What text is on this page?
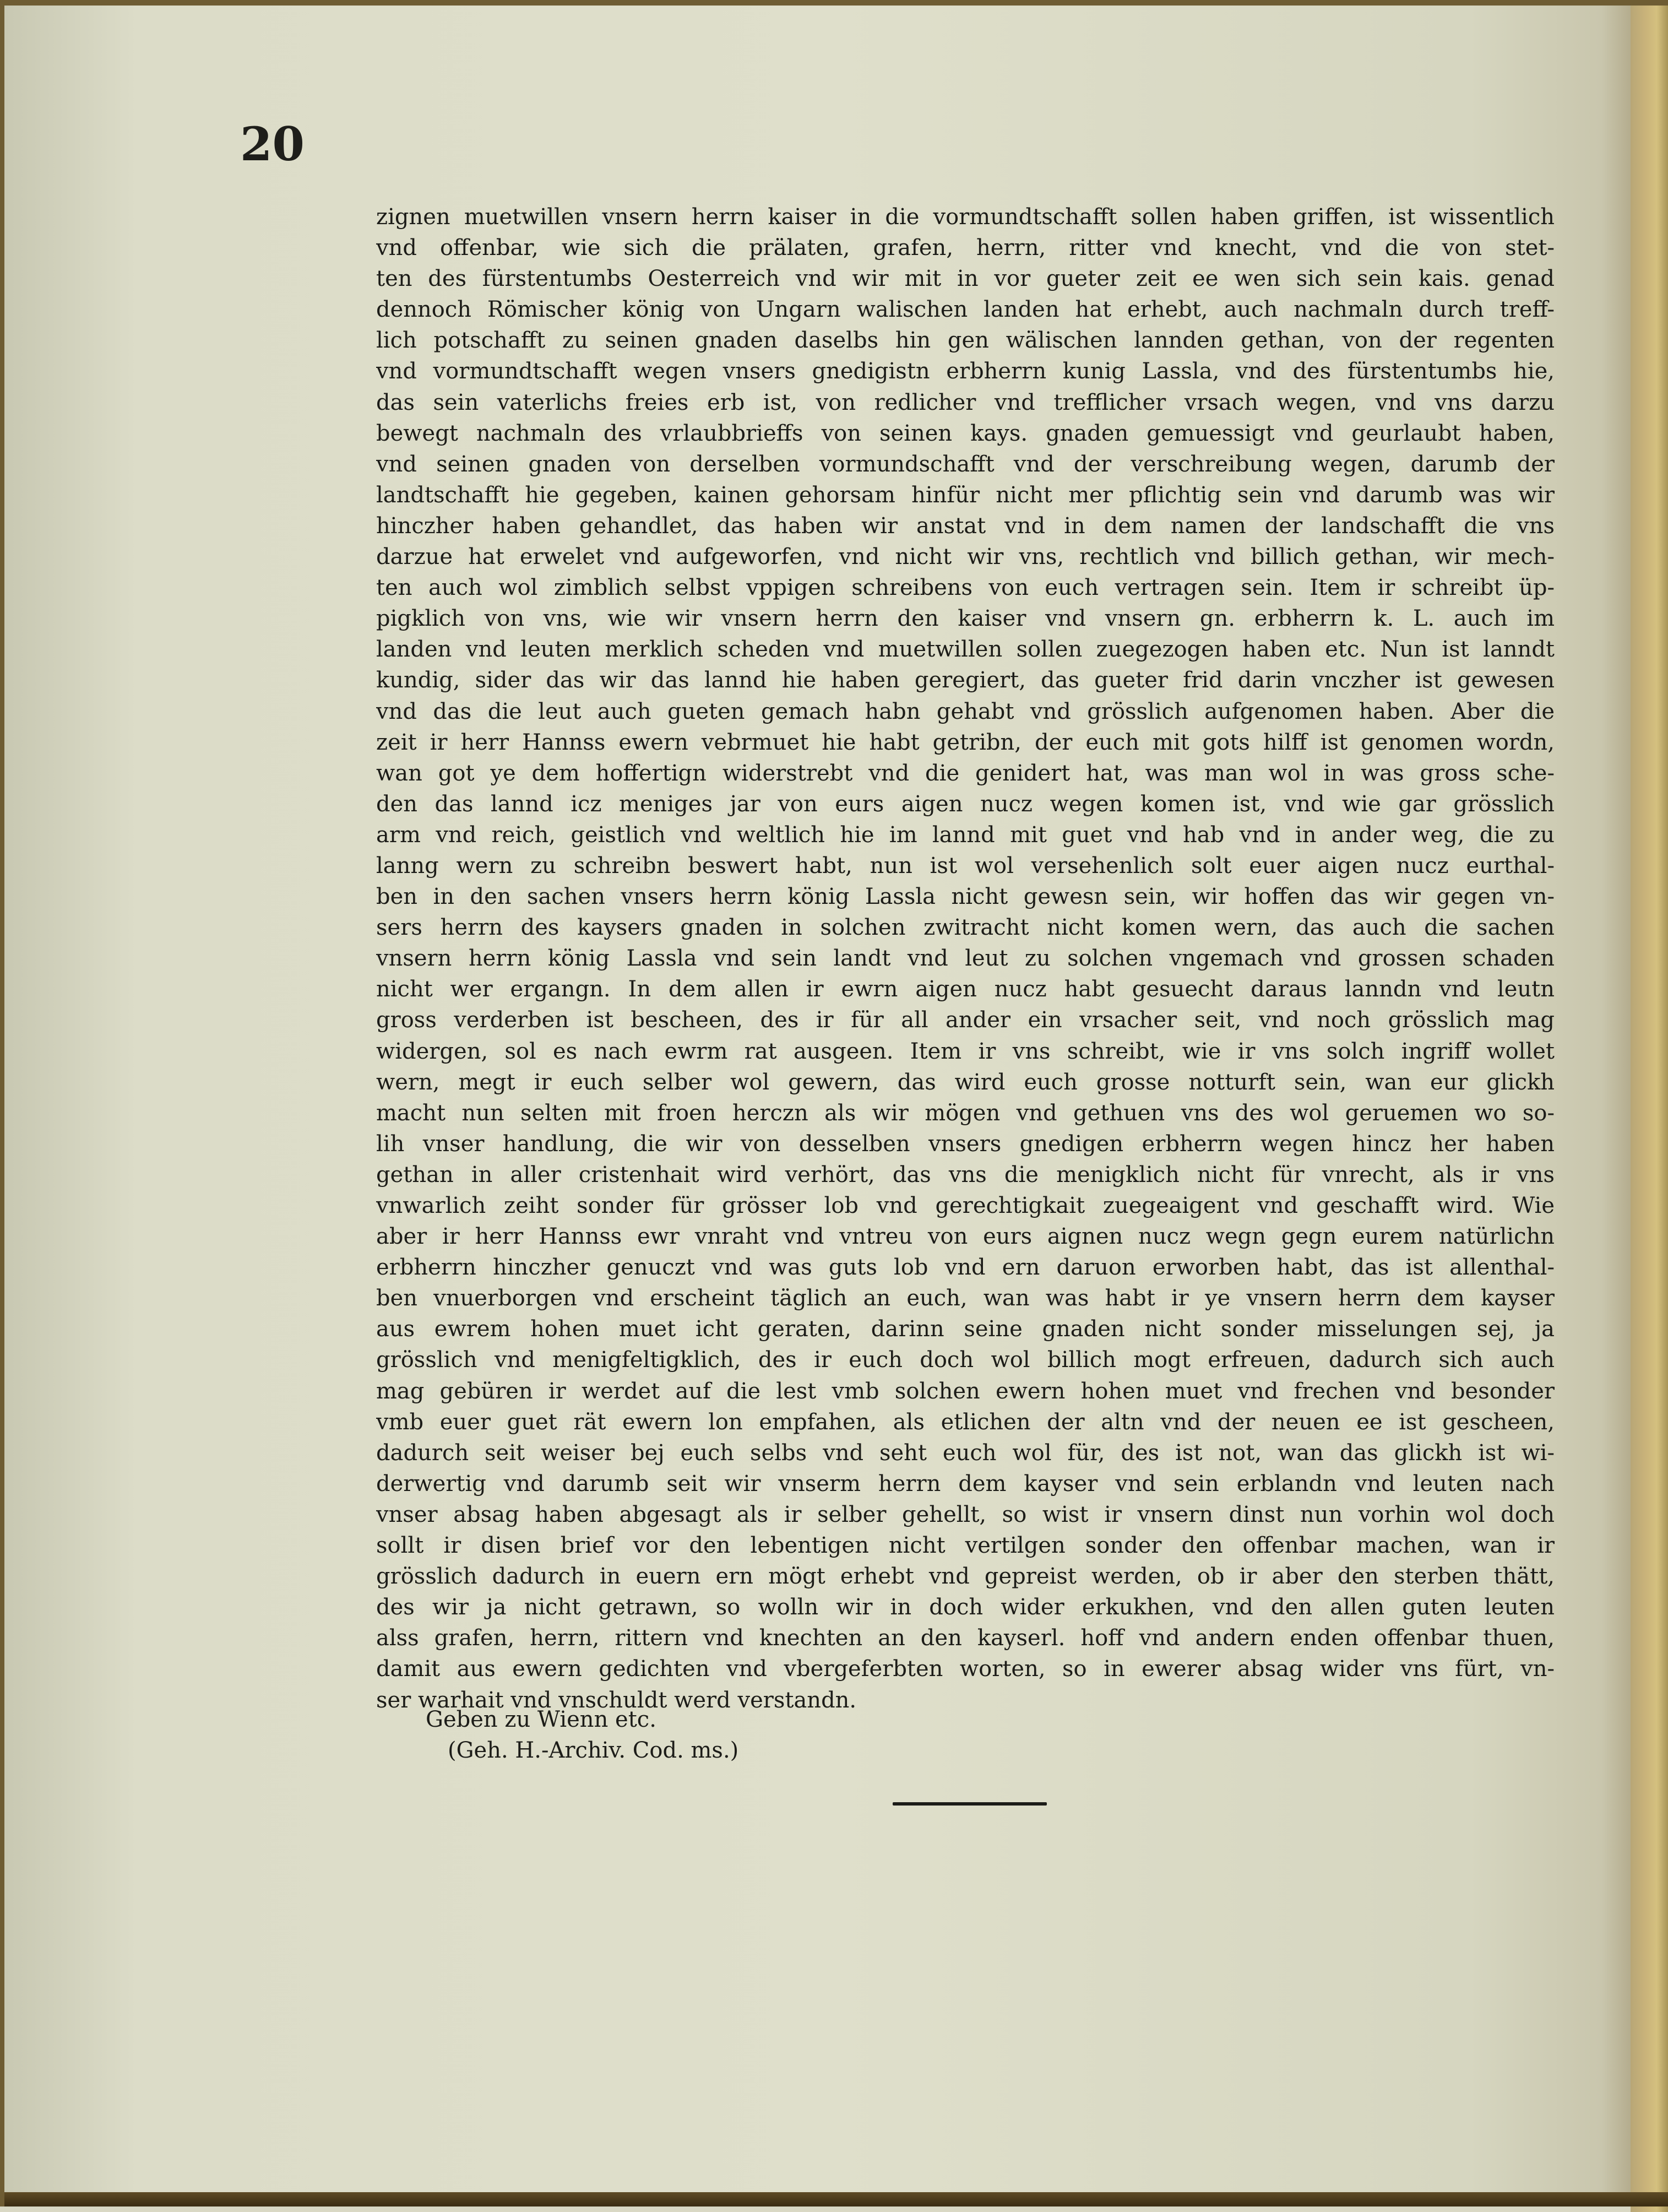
20
zignen muetwillen vnsern herrn kaiser in die vormundtschafft sollen haben griffen, ist wissentlich
vnd offenbar, wie sich die prälaten, grafen, herrn, ritter vnd knecht, vnd die von stet-
ten des fürstentumbs Oesterreich vnd wir mit in vor gueter zeit ee wen sich sein kais. genad
dennoch Römischer könig von Ungarn walischen landen hat erhebt, auch nachmaln durch treff-
lich potschafft zu seinen gnaden daselbs hin gen wälischen lannden gethan, von der regenten
vnd vormundtschafft wegen vnsers gnedigistn erbherrn kunig Lassla, vnd des fürstentumbs hie,
das sein vaterlichs freies erb ist, von redlicher vnd trefflicher vrsach wegen, vnd vns darzu
bewegt nachmaln des vrlaubbrieffs von seinen kays. gnaden gemuessigt vnd geurlaubt haben,
vnd seinen gnaden von derselben vormundschafft vnd der verschreibung wegen, darumb der
landtschafft hie gegeben, kainen gehorsam hinfür nicht mer pflichtig sein vnd darumb was wir
hinczher haben gehandlet, das haben wir anstat vnd in dem namen der landschafft die vns
darzue hat erwelet vnd aufgeworfen, vnd nicht wir vns, rechtlich vnd billich gethan, wir mech-
ten auch wol zimblich selbst vppigen schreibens von euch vertragen sein. Item ir schreibt üp-
pigklich von vns, wie wir vnsern herrn den kaiser vnd vnsern gn. erbherrn k. L. auch im
landen vnd leuten merklich scheden vnd muetwillen sollen zuegezogen haben etc. Nun ist lanndt
kundig, sider das wir das lannd hie haben geregiert, das gueter frid darin vnczher ist gewesen
vnd das die leut auch gueten gemach habn gehabt vnd grösslich aufgenomen haben. Aber die
zeit ir herr Hannss ewern vebrmuet hie habt getribn, der euch mit gots hilff ist genomen wordn,
wan got ye dem hoffertign widerstrebt vnd die genidert hat, was man wol in was gross sche-
den das lannd icz meniges jar von eurs aigen nucz wegen komen ist, vnd wie gar grösslich
arm vnd reich, geistlich vnd weltlich hie im lannd mit guet vnd hab vnd in ander weg, die zu
lanng wern zu schreibn beswert habt, nun ist wol versehenlich solt euer aigen nucz eurthal-
ben in den sachen vnsers herrn könig Lassla nicht gewesn sein, wir hoffen das wir gegen vn-
sers herrn des kaysers gnaden in solchen zwitracht nicht komen wern, das auch die sachen
vnsern herrn könig Lassla vnd sein landt vnd leut zu solchen vngemach vnd grossen schaden
nicht wer ergangn. In dem allen ir ewrn aigen nucz habt gesuecht daraus lanndn vnd leutn
gross verderben ist bescheen, des ir für all ander ein vrsacher seit, vnd noch grösslich mag
widergen, sol es nach ewrm rat ausgeen. Item ir vns schreibt, wie ir vns solch ingriff wollet
wern, megt ir euch selber wol gewern, das wird euch grosse notturft sein, wan eur glickh
macht nun selten mit froen herczn als wir mögen vnd gethuen vns des wol geruemen wo so-
lih vnser handlung, die wir von desselben vnsers gnedigen erbherrn wegen hincz her haben
gethan in aller cristenhait wird verhört, das vns die menigklich nicht für vnrecht, als ir vns
vnwarlich zeiht sonder für grösser lob vnd gerechtigkait zuegeaigent vnd geschafft wird. Wie
aber ir herr Hannss ewr vnraht vnd vntreu von eurs aignen nucz wegn gegn eurem natürlichn
erbherrn hinczher genuczt vnd was guts lob vnd ern daruon erworben habt, das ist allenthal-
ben vnuerborgen vnd erscheint täglich an euch, wan was habt ir ye vnsern herrn dem kayser
aus ewrem hohen muet icht geraten, darinn seine gnaden nicht sonder misselungen sej, ja
grösslich vnd menigfeltigklich, des ir euch doch wol billich mogt erfreuen, dadurch sich auch
mag gebüren ir werdet auf die lest vmb solchen ewern hohen muet vnd frechen vnd besonder
vmb euer guet rät ewern lon empfahen, als etlichen der altn vnd der neuen ee ist gescheen,
dadurch seit weiser bej euch selbs vnd seht euch wol für, des ist not, wan das glickh ist wi-
derwertig vnd darumb seit wir vnserm herrn dem kayser vnd sein erblandn vnd leuten nach
vnser absag haben abgesagt als ir selber gehellt, so wist ir vnsern dinst nun vorhin wol doch
sollt ir disen brief vor den lebentigen nicht vertilgen sonder den offenbar machen, wan ir
grösslich dadurch in euern ern mögt erhebt vnd gepreist werden, ob ir aber den sterben thätt,
des wir ja nicht getrawn, so wolln wir in doch wider erkukhen, vnd den allen guten leuten
alss grafen, herrn, rittern vnd knechten an den kayserl. hoff vnd andern enden offenbar thuen,
damit aus ewern gedichten vnd vbergeferbten worten, so in ewerer absag wider vns fürt, vn-
ser warhait vnd vnschuldt werd verstandn.
Geben zu Wienn etc.
(Geh. H.-Archiv. Cod. ms.)
